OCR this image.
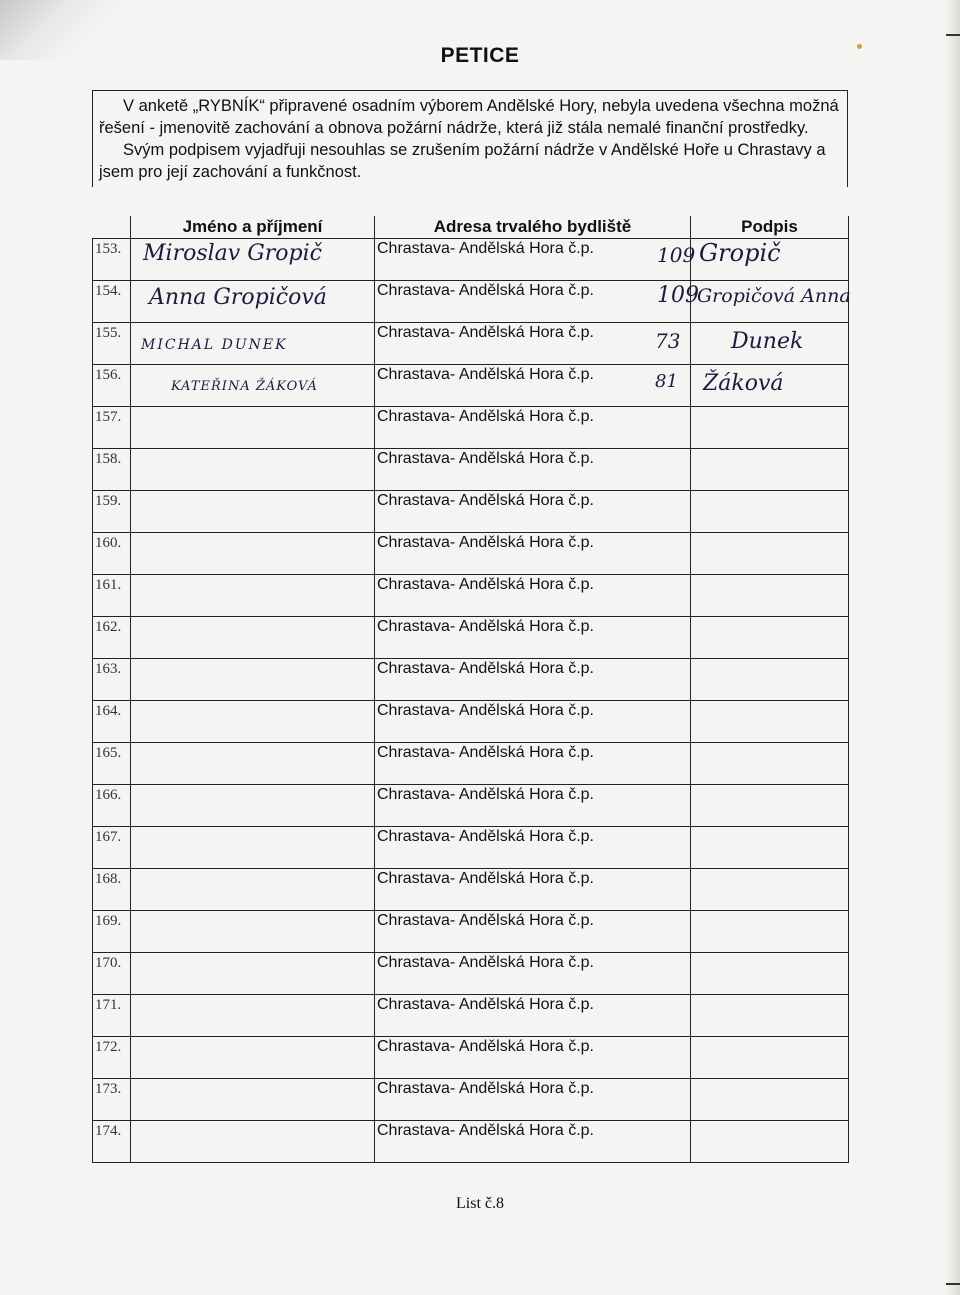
PETICE

V anketě „RYBNÍK“ připravené osadním výborem Andělské Hory, nebyla uvedena všechna možná řešení - jmenovitě zachování a obnova požární nádrže, která již stála nemalé finanční prostředky.

Svým podpisem vyjadřuji nesouhlas se zrušením požární nádrže v Andělské Hoře u Chrastavy a jsem pro její zachování a funkčnost.

	Jméno a příjmení	Adresa trvalého bydliště	Podpis

153.	Miroslav Gropič	Chrastava- Andělská Hora č.p. 109	Gropič

154.	Anna Gropičová	Chrastava- Andělská Hora č.p. 109	Gropičová Anna

155.	MICHAL DUNEK	Chrastava- Andělská Hora č.p. 73	Dunek

156.	KATEŘINA ŽÁKOVÁ	Chrastava- Andělská Hora č.p. 81	Žáková

157.		Chrastava- Andělská Hora č.p.	

158.		Chrastava- Andělská Hora č.p.	

159.		Chrastava- Andělská Hora č.p.	

160.		Chrastava- Andělská Hora č.p.	

161.		Chrastava- Andělská Hora č.p.	

162.		Chrastava- Andělská Hora č.p.	

163.		Chrastava- Andělská Hora č.p.	

164.		Chrastava- Andělská Hora č.p.	

165.		Chrastava- Andělská Hora č.p.	

166.		Chrastava- Andělská Hora č.p.	

167.		Chrastava- Andělská Hora č.p.	

168.		Chrastava- Andělská Hora č.p.	

169.		Chrastava- Andělská Hora č.p.	

170.		Chrastava- Andělská Hora č.p.	

171.		Chrastava- Andělská Hora č.p.	

172.		Chrastava- Andělská Hora č.p.	

173.		Chrastava- Andělská Hora č.p.	

174.		Chrastava- Andělská Hora č.p.	

List č.8
